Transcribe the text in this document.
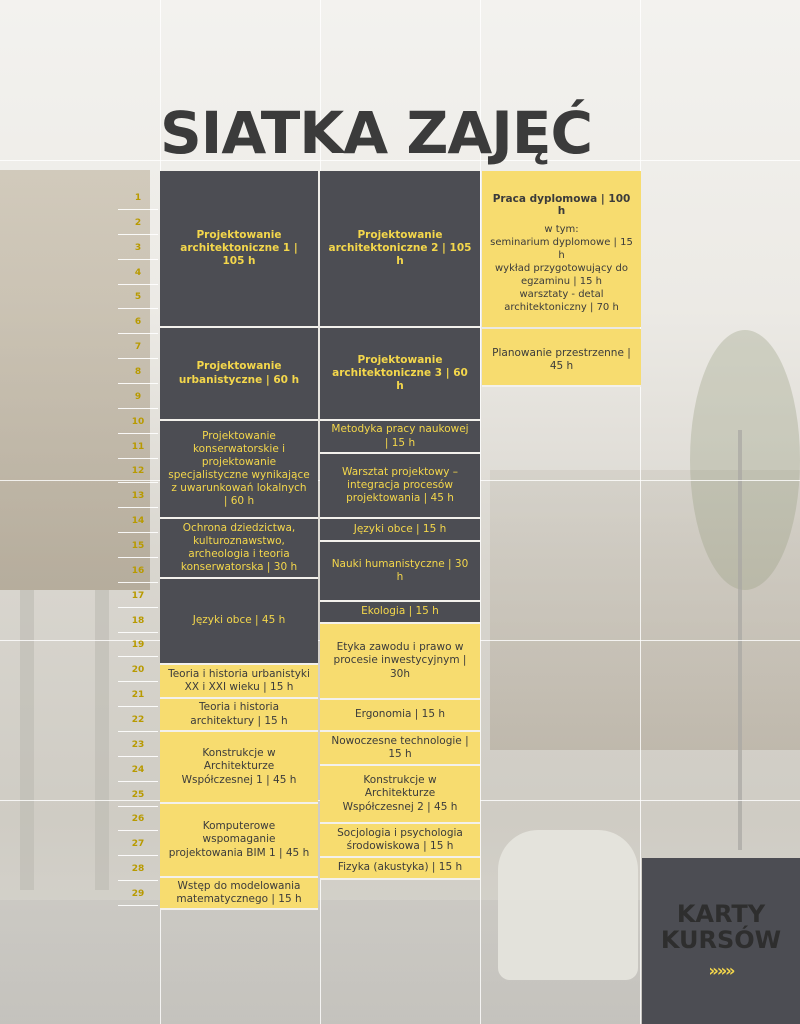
SIATKA ZAJĘĆ
1
2
3
4
5
6
7
8
9
10
11
12
13
14
15
16
17
18
19
20
21
22
23
24
25
26
27
28
29
Projektowanie architektoniczne 1 | 105 h
Projektowanie urbanistyczne | 60 h
Projektowanie konserwatorskie i projektowanie specjalistyczne wynikające z uwarunkowań lokalnych | 60 h
Ochrona dziedzictwa, kulturoznawstwo, archeologia i teoria konserwatorska | 30 h
Języki obce | 45 h
Teoria i historia urbanistyki XX i XXI wieku | 15 h
Teoria i historia architektury | 15 h
Konstrukcje w Architekturze Współczesnej 1 | 45 h
Komputerowe wspomaganie projektowania BIM 1 | 45 h
Wstęp do modelowania matematycznego | 15 h
Projektowanie architektoniczne 2 | 105 h
Projektowanie architektoniczne 3 | 60 h
Metodyka pracy naukowej | 15 h
Warsztat projektowy – integracja procesów projektowania | 45 h
Języki obce | 15 h
Nauki humanistyczne | 30 h
Ekologia | 15 h
Etyka zawodu i prawo w procesie inwestycyjnym | 30h
Ergonomia | 15 h
Nowoczesne technologie | 15 h
Konstrukcje w Architekturze Współczesnej 2 | 45 h
Socjologia i psychologia środowiskowa | 15 h
Fizyka (akustyka) | 15 h
Praca dyplomowa | 100 h
w tym:
seminarium dyplomowe | 15 h
wykład przygotowujący do egzaminu | 15 h
warsztaty - detal architektoniczny | 70 h
Planowanie przestrzenne | 45 h
KARTY
KURSÓW
»»»
